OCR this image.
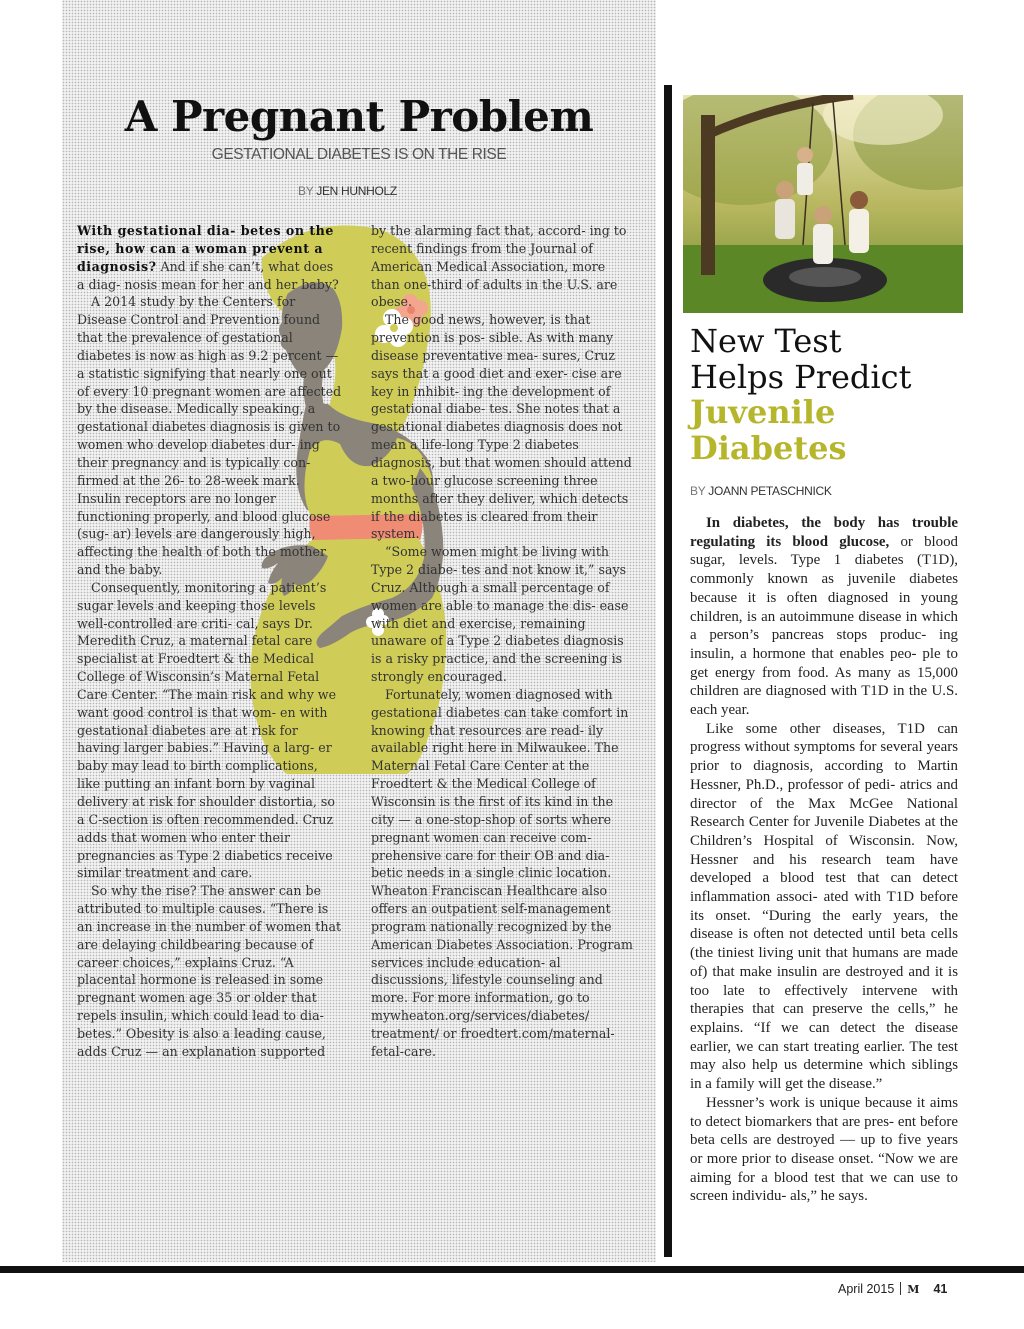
A Pregnant Problem
GESTATIONAL DIABETES IS ON THE RISE
BY JEN HUNHOLZ

With gestational dia- betes on the rise, how can a woman prevent a diagnosis? And if she can’t, what does a diag- nosis mean for her and her baby?

A 2014 study by the Centers for Disease Control and Prevention found that the prevalence of gestational diabetes is now as high as 9.2 percent — a statistic signifying that nearly one out of every 10 pregnant women are affected by the disease. Medically speaking, a gestational diabetes diagnosis is given to women who develop diabetes dur- ing their pregnancy and is typically con- firmed at the 26- to 28-week mark. Insulin receptors are no longer functioning properly, and blood glucose (sug- ar) levels are dangerously high, affecting the health of both the mother and the baby.

Consequently, monitoring a patient’s sugar levels and keeping those levels well-controlled are criti- cal, says Dr. Meredith Cruz, a maternal fetal care specialist at Froedtert & the Medical College of Wisconsin’s Maternal Fetal Care Center. “The main risk and why we want good control is that wom- en with gestational diabetes are at risk for having larger babies.” Having a larg- er baby may lead to birth complications, like putting an infant born by vaginal delivery at risk for shoulder distortia, so a C-section is often recommended. Cruz adds that women who enter their pregnancies as Type 2 diabetics receive similar treatment and care.

So why the rise? The answer can be attributed to multiple causes. “There is an increase in the number of women that are delaying childbearing because of career choices,” explains Cruz. “A placental hormone is released in some pregnant women age 35 or older that repels insulin, which could lead to dia- betes.” Obesity is also a leading cause, adds Cruz — an explanation supported

by the alarming fact that, accord- ing to recent findings from the Journal of American Medical Association, more than one-third of adults in the U.S. are obese.

The good news, however, is that prevention is pos- sible. As with many disease preventative mea- sures, Cruz says that a good diet and exer- cise are key in inhibit- ing the development of gestational diabe- tes. She notes that a gestational diabetes diagnosis does not mean a life-long Type 2 diabetes diagnosis, but that women should attend a two-hour glucose screening three months after they deliver, which detects if the diabetes is cleared from their system.

“Some women might be living with Type 2 diabe- tes and not know it,” says Cruz. Although a small percentage of women are able to manage the dis- ease with diet and exercise, remaining unaware of a Type 2 diabetes diagnosis is a risky practice, and the screening is strongly encouraged.

Fortunately, women diagnosed with gestational diabetes can take comfort in knowing that resources are read- ily available right here in Milwaukee. The Maternal Fetal Care Center at the Froedtert & the Medical College of Wisconsin is the first of its kind in the city — a one-stop-shop of sorts where pregnant women can receive com- prehensive care for their OB and dia- betic needs in a single clinic location. Wheaton Franciscan Healthcare also offers an outpatient self-management program nationally recognized by the American Diabetes Association. Program services include education- al discussions, lifestyle counseling and more. For more information, go to mywheaton.org/services/diabetes/ treatment/ or froedtert.com/maternal- fetal-care.

New Test
Helps Predict
Juvenile
Diabetes
BY JOANN PETASCHNICK

In diabetes, the body has trouble regulating its blood glucose, or blood sugar, levels. Type 1 diabetes (T1D), commonly known as juvenile diabetes because it is often diagnosed in young children, is an autoimmune disease in which a person’s pancreas stops produc- ing insulin, a hormone that enables peo- ple to get energy from food. As many as 15,000 children are diagnosed with T1D in the U.S. each year.

Like some other diseases, T1D can progress without symptoms for several years prior to diagnosis, according to Martin Hessner, Ph.D., professor of pedi- atrics and director of the Max McGee National Research Center for Juvenile Diabetes at the Children’s Hospital of Wisconsin. Now, Hessner and his research team have developed a blood test that can detect inflammation associ- ated with T1D before its onset. “During the early years, the disease is often not detected until beta cells (the tiniest living unit that humans are made of) that make insulin are destroyed and it is too late to effectively intervene with therapies that can preserve the cells,” he explains. “If we can detect the disease earlier, we can start treating earlier. The test may also help us determine which siblings in a family will get the disease.”

Hessner’s work is unique because it aims to detect biomarkers that are pres- ent before beta cells are destroyed — up to five years or more prior to disease onset. “Now we are aiming for a blood test that we can use to screen individu- als,” he says.

April 2015 M 41
